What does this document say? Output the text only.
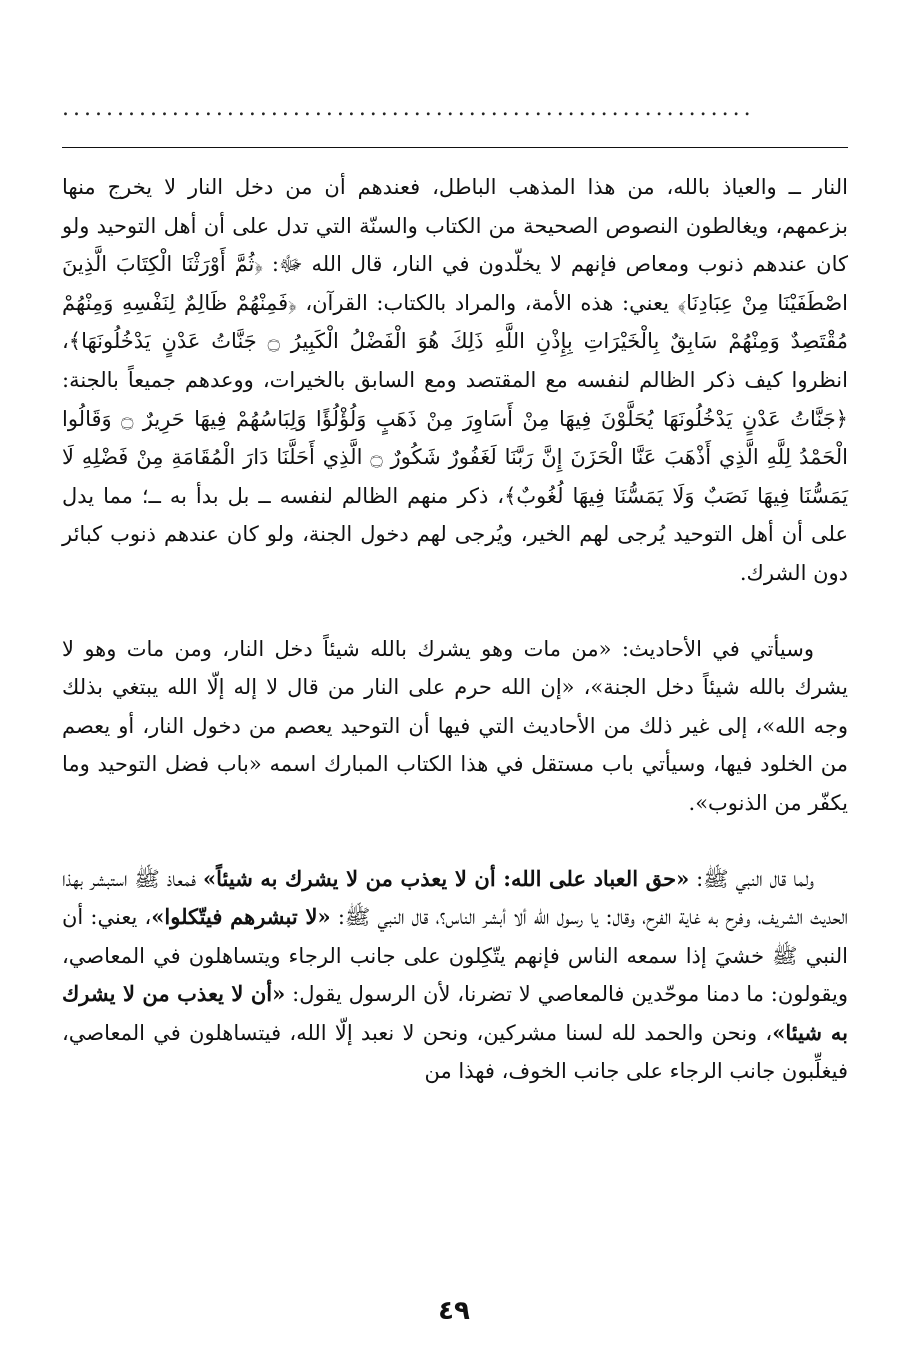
...............................................................

النار ــ والعياذ بالله، من هذا المذهب الباطل، فعندهم أن من دخل النار لا يخرج منها بزعمهم، ويغالطون النصوص الصحيحة من الكتاب والسنّة التي تدل على أن أهل التوحيد ولو كان عندهم ذنوب ومعاص فإنهم لا يخلّدون في النار، قال الله ﷻ: ﴿ثُمَّ أَوْرَثْنَا الْكِتَابَ الَّذِينَ اصْطَفَيْنَا مِنْ عِبَادِنَا﴾ يعني: هذه الأمة، والمراد بالكتاب: القرآن، ﴿فَمِنْهُمْ ظَالِمٌ لِنَفْسِهِ وَمِنْهُمْ مُقْتَصِدٌ وَمِنْهُمْ سَابِقٌ بِالْخَيْرَاتِ بِإِذْنِ اللَّهِ ذَلِكَ هُوَ الْفَضْلُ الْكَبِيرُ ۝ جَنَّاتُ عَدْنٍ يَدْخُلُونَهَا﴾، انظروا كيف ذكر الظالم لنفسه مع المقتصد ومع السابق بالخيرات، ووعدهم جميعاً بالجنة: ﴿جَنَّاتُ عَدْنٍ يَدْخُلُونَهَا يُحَلَّوْنَ فِيهَا مِنْ أَسَاوِرَ مِنْ ذَهَبٍ وَلُؤْلُؤًا وَلِبَاسُهُمْ فِيهَا حَرِيرٌ ۝ وَقَالُوا الْحَمْدُ لِلَّهِ الَّذِي أَذْهَبَ عَنَّا الْحَزَنَ إِنَّ رَبَّنَا لَغَفُورٌ شَكُورٌ ۝ الَّذِي أَحَلَّنَا دَارَ الْمُقَامَةِ مِنْ فَضْلِهِ لَا يَمَسُّنَا فِيهَا نَصَبٌ وَلَا يَمَسُّنَا فِيهَا لُغُوبٌ﴾، ذكر منهم الظالم لنفسه ــ بل بدأ به ــ؛ مما يدل على أن أهل التوحيد يُرجى لهم الخير، ويُرجى لهم دخول الجنة، ولو كان عندهم ذنوب كبائر دون الشرك.

وسيأتي في الأحاديث: «من مات وهو يشرك بالله شيئاً دخل النار، ومن مات وهو لا يشرك بالله شيئاً دخل الجنة»، «إن الله حرم على النار من قال لا إله إلّا الله يبتغي بذلك وجه الله»، إلى غير ذلك من الأحاديث التي فيها أن التوحيد يعصم من دخول النار، أو يعصم من الخلود فيها، وسيأتي باب مستقل في هذا الكتاب المبارك اسمه «باب فضل التوحيد وما يكفّر من الذنوب».

ولما قال النبي ﷺ: «حق العباد على الله: أن لا يعذب من لا يشرك به شيئاً» فمعاذ ﷺ استبشر بهذا الحديث الشريف، وفرح به غاية الفرح، وقال: يا رسول الله ألا أبشر الناس؟، قال النبي ﷺ: «لا تبشرهم فيتّكلوا»، يعني: أن النبي ﷺ خشيَ إذا سمعه الناس فإنهم يتّكِلون على جانب الرجاء ويتساهلون في المعاصي، ويقولون: ما دمنا موحّدين فالمعاصي لا تضرنا، لأن الرسول يقول: «أن لا يعذب من لا يشرك به شيئا»، ونحن والحمد لله لسنا مشركين، ونحن لا نعبد إلّا الله، فيتساهلون في المعاصي، فيغلِّبون جانب الرجاء على جانب الخوف، فهذا من

٤٩
